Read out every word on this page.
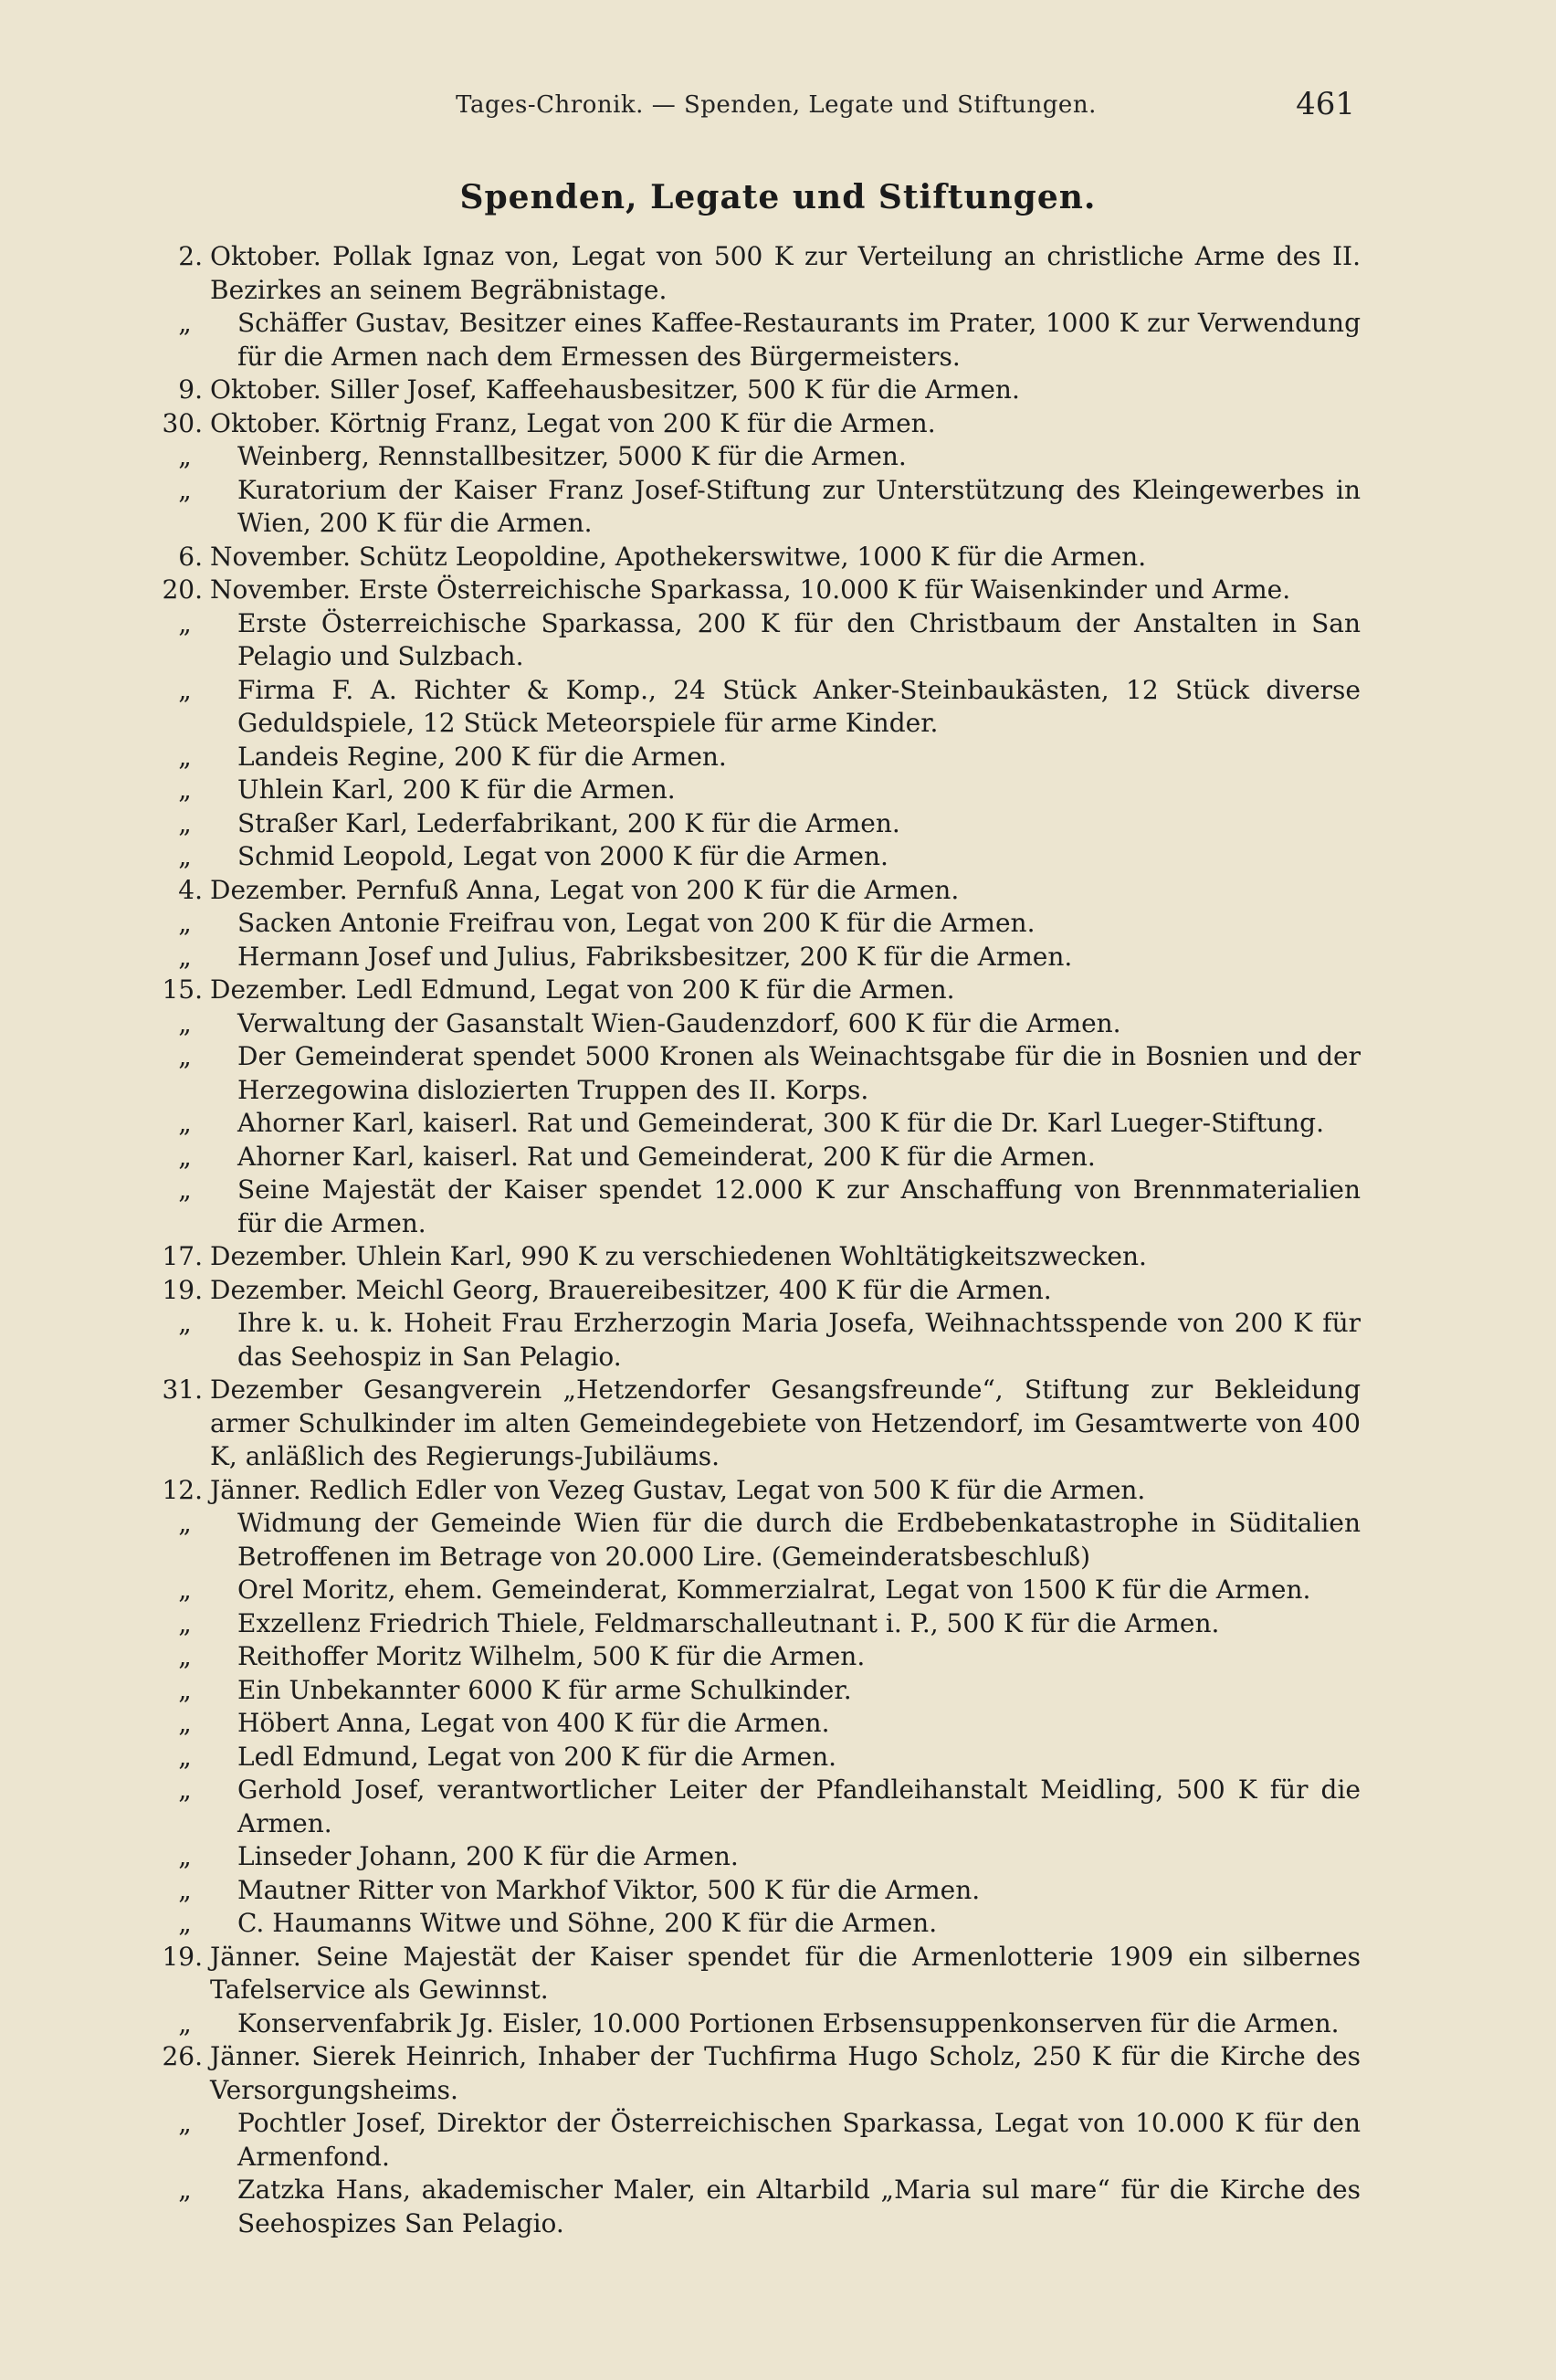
Tages-Chronik. — Spenden, Legate und Stiftungen.	461
Spenden, Legate und Stiftungen.
2. Oktober. Pollak Ignaz von, Legat von 500 K zur Verteilung an christliche Arme des II. Bezirkes an seinem Begräbnistage.
„	Schäffer Gustav, Besitzer eines Kaffee-Restaurants im Prater, 1000 K zur Verwendung für die Armen nach dem Ermessen des Bürgermeisters.
9. Oktober. Siller Josef, Kaffeehausbesitzer, 500 K für die Armen.
30. Oktober. Körtnig Franz, Legat von 200 K für die Armen.
„	Weinberg, Rennstallbesitzer, 5000 K für die Armen.
„	Kuratorium der Kaiser Franz Josef-Stiftung zur Unterstützung des Kleingewerbes in Wien, 200 K für die Armen.
6. November. Schütz Leopoldine, Apothekerswitwe, 1000 K für die Armen.
20. November. Erste Österreichische Sparkassa, 10.000 K für Waisenkinder und Arme.
„	Erste Österreichische Sparkassa, 200 K für den Christbaum der Anstalten in San Pelagio und Sulzbach.
„	Firma F. A. Richter & Komp., 24 Stück Anker-Steinbaukästen, 12 Stück diverse Geduldspiele, 12 Stück Meteorspiele für arme Kinder.
„	Landeis Regine, 200 K für die Armen.
„	Uhlein Karl, 200 K für die Armen.
„	Straßer Karl, Lederfabrikant, 200 K für die Armen.
„	Schmid Leopold, Legat von 2000 K für die Armen.
4. Dezember. Pernfuß Anna, Legat von 200 K für die Armen.
„	Sacken Antonie Freifrau von, Legat von 200 K für die Armen.
„	Hermann Josef und Julius, Fabriksbesitzer, 200 K für die Armen.
15. Dezember. Ledl Edmund, Legat von 200 K für die Armen.
„	Verwaltung der Gasanstalt Wien-Gaudenzdorf, 600 K für die Armen.
„	Der Gemeinderat spendet 5000 Kronen als Weinachtsgabe für die in Bosnien und der Herzegowina dislozierten Truppen des II. Korps.
„	Ahorner Karl, kaiserl. Rat und Gemeinderat, 300 K für die Dr. Karl Lueger-Stiftung.
„	Ahorner Karl, kaiserl. Rat und Gemeinderat, 200 K für die Armen.
„	Seine Majestät der Kaiser spendet 12.000 K zur Anschaffung von Brennmaterialien für die Armen.
17. Dezember. Uhlein Karl, 990 K zu verschiedenen Wohltätigkeitszwecken.
19. Dezember. Meichl Georg, Brauereibesitzer, 400 K für die Armen.
„	Ihre k. u. k. Hoheit Frau Erzherzogin Maria Josefa, Weihnachtsspende von 200 K für das Seehospiz in San Pelagio.
31. Dezember Gesangverein „Hetzendorfer Gesangsfreunde“, Stiftung zur Bekleidung armer Schulkinder im alten Gemeindegebiete von Hetzendorf, im Gesamtwerte von 400 K, anläßlich des Regierungs-Jubiläums.
12. Jänner. Redlich Edler von Vezeg Gustav, Legat von 500 K für die Armen.
„	Widmung der Gemeinde Wien für die durch die Erdbebenkatastrophe in Süditalien Betroffenen im Betrage von 20.000 Lire. (Gemeinderatsbeschluß)
„	Orel Moritz, ehem. Gemeinderat, Kommerzialrat, Legat von 1500 K für die Armen.
„	Exzellenz Friedrich Thiele, Feldmarschalleutnant i. P., 500 K für die Armen.
„	Reithoffer Moritz Wilhelm, 500 K für die Armen.
„	Ein Unbekannter 6000 K für arme Schulkinder.
„	Höbert Anna, Legat von 400 K für die Armen.
„	Ledl Edmund, Legat von 200 K für die Armen.
„	Gerhold Josef, verantwortlicher Leiter der Pfandleihanstalt Meidling, 500 K für die Armen.
„	Linseder Johann, 200 K für die Armen.
„	Mautner Ritter von Markhof Viktor, 500 K für die Armen.
„	C. Haumanns Witwe und Söhne, 200 K für die Armen.
19. Jänner. Seine Majestät der Kaiser spendet für die Armenlotterie 1909 ein silbernes Tafelservice als Gewinnst.
„	Konservenfabrik Jg. Eisler, 10.000 Portionen Erbsensuppenkonserven für die Armen.
26. Jänner. Sierek Heinrich, Inhaber der Tuchfirma Hugo Scholz, 250 K für die Kirche des Versorgungsheims.
„	Pochtler Josef, Direktor der Österreichischen Sparkassa, Legat von 10.000 K für den Armenfond.
„	Zatzka Hans, akademischer Maler, ein Altarbild „Maria sul mare“ für die Kirche des Seehospizes San Pelagio.
